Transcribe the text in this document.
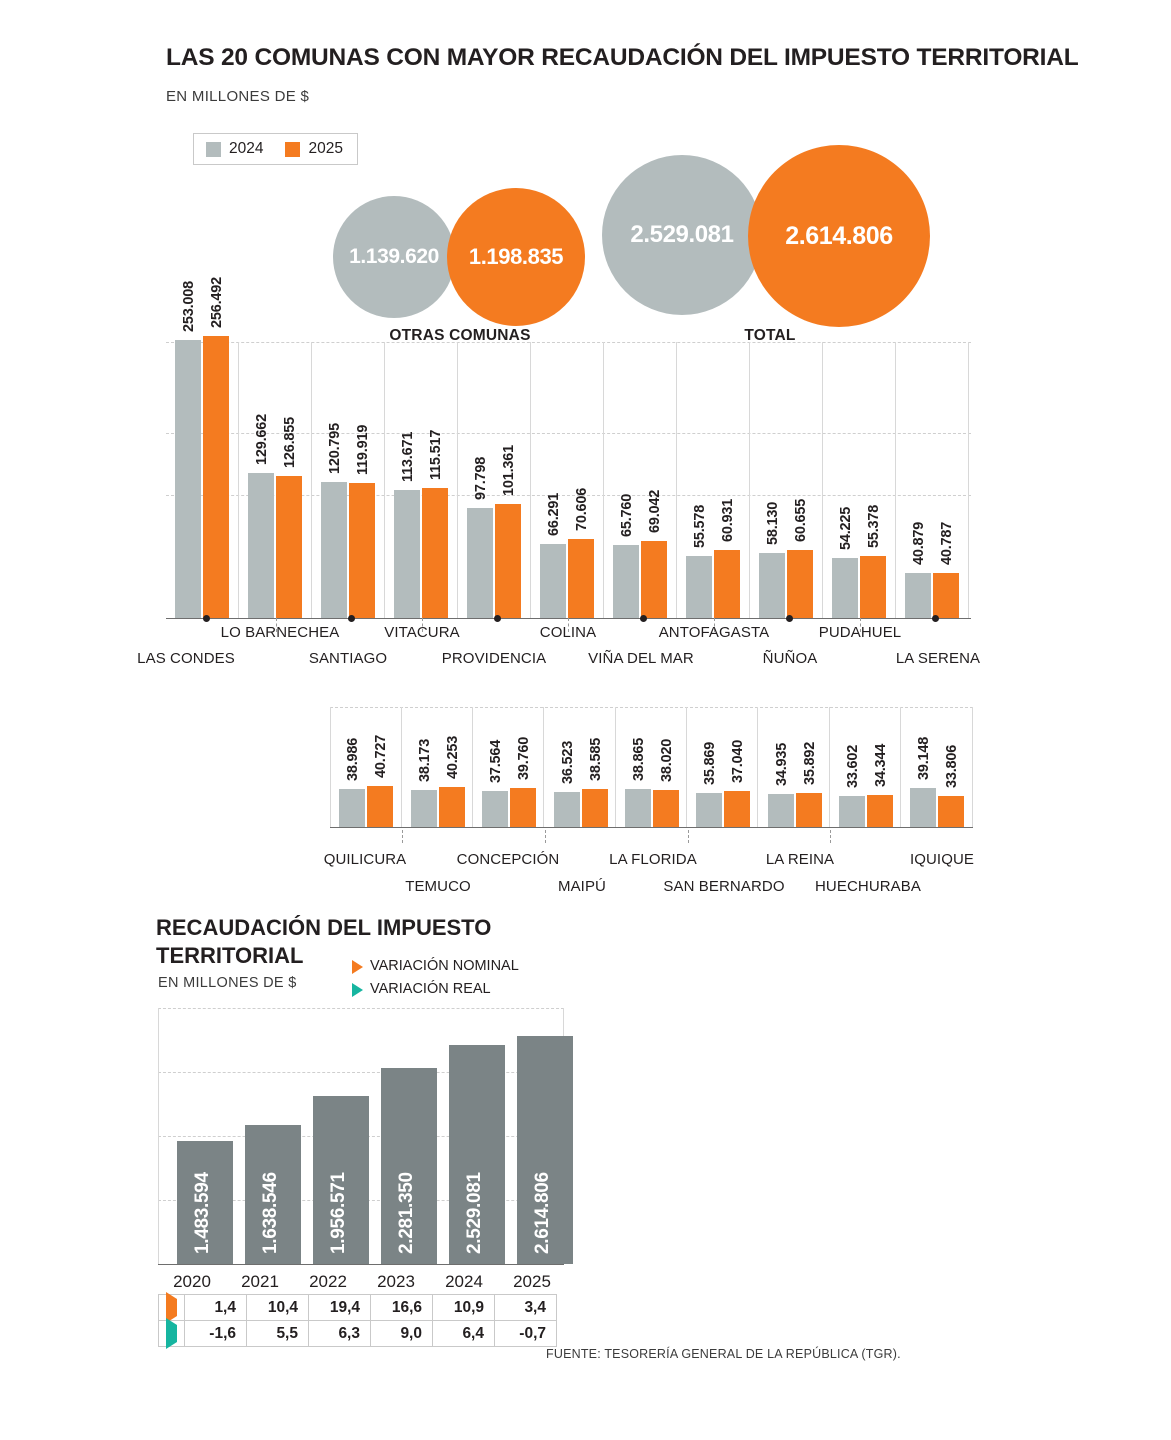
LAS 20 COMUNAS CON MAYOR RECAUDACIÓN DEL IMPUESTO TERRITORIAL
EN MILLONES DE $
2024	2025
1.139.620 1.198.835
OTRAS COMUNAS
2.529.081 2.614.806
TOTAL
253.008 256.492
129.662 126.855 120.795 119.919 113.671 115.517 97.798 101.361
66.291 70.606 65.760 69.042 55.578 60.931 58.130 60.655 54.225 55.378 40.879 40.787
LAS CONDES
LO BARNECHEA
SANTIAGO
VITACURA
PROVIDENCIA
COLINA
VIÑA DEL MAR
ANTOFAGASTA
ÑUÑOA
PUDAHUEL
LA SERENA
38.986 40.727 38.173 40.253 37.564 39.760 36.523 38.585 38.865 38.020 35.869 37.040 34.935 35.892 33.602 34.344 39.148 33.806
QUILICURA
TEMUCO
CONCEPCIÓN
MAIPÚ
LA FLORIDA
SAN BERNARDO
LA REINA
HUECHURABA
IQUIQUE
RECAUDACIÓN DEL IMPUESTO
TERRITORIAL
EN MILLONES DE $
VARIACIÓN NOMINAL
VARIACIÓN REAL
1.483.594 1.638.546 1.956.571 2.281.350 2.529.081 2.614.806
2020	2021	2022	2023	2024	2025
	1,4	10,4	19,4	16,6	10,9	3,4
	-1,6	5,5	6,3	9,0	6,4	-0,7
FUENTE: TESORERÍA GENERAL DE LA REPÚBLICA (TGR).
